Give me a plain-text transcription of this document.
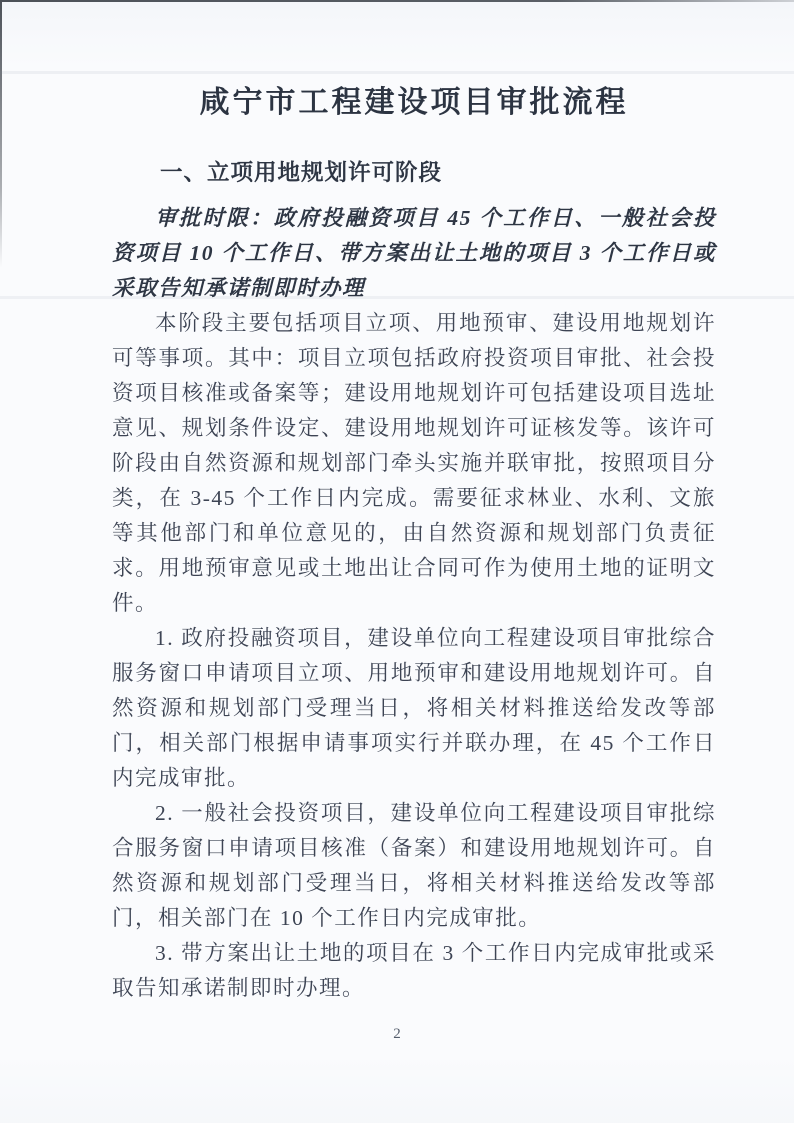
咸宁市工程建设项目审批流程
一、立项用地规划许可阶段

审批时限：政府投融资项目 45 个工作日、一般社会投资项目 10 个工作日、带方案出让土地的项目 3 个工作日或采取告知承诺制即时办理

本阶段主要包括项目立项、用地预审、建设用地规划许可等事项。其中：项目立项包括政府投资项目审批、社会投资项目核准或备案等；建设用地规划许可包括建设项目选址意见、规划条件设定、建设用地规划许可证核发等。该许可阶段由自然资源和规划部门牵头实施并联审批，按照项目分类，在 3-45 个工作日内完成。需要征求林业、水利、文旅等其他部门和单位意见的，由自然资源和规划部门负责征求。用地预审意见或土地出让合同可作为使用土地的证明文件。

1. 政府投融资项目，建设单位向工程建设项目审批综合服务窗口申请项目立项、用地预审和建设用地规划许可。自然资源和规划部门受理当日，将相关材料推送给发改等部门，相关部门根据申请事项实行并联办理，在 45 个工作日内完成审批。

2. 一般社会投资项目，建设单位向工程建设项目审批综合服务窗口申请项目核准（备案）和建设用地规划许可。自然资源和规划部门受理当日，将相关材料推送给发改等部门，相关部门在 10 个工作日内完成审批。

3. 带方案出让土地的项目在 3 个工作日内完成审批或采取告知承诺制即时办理。

2
